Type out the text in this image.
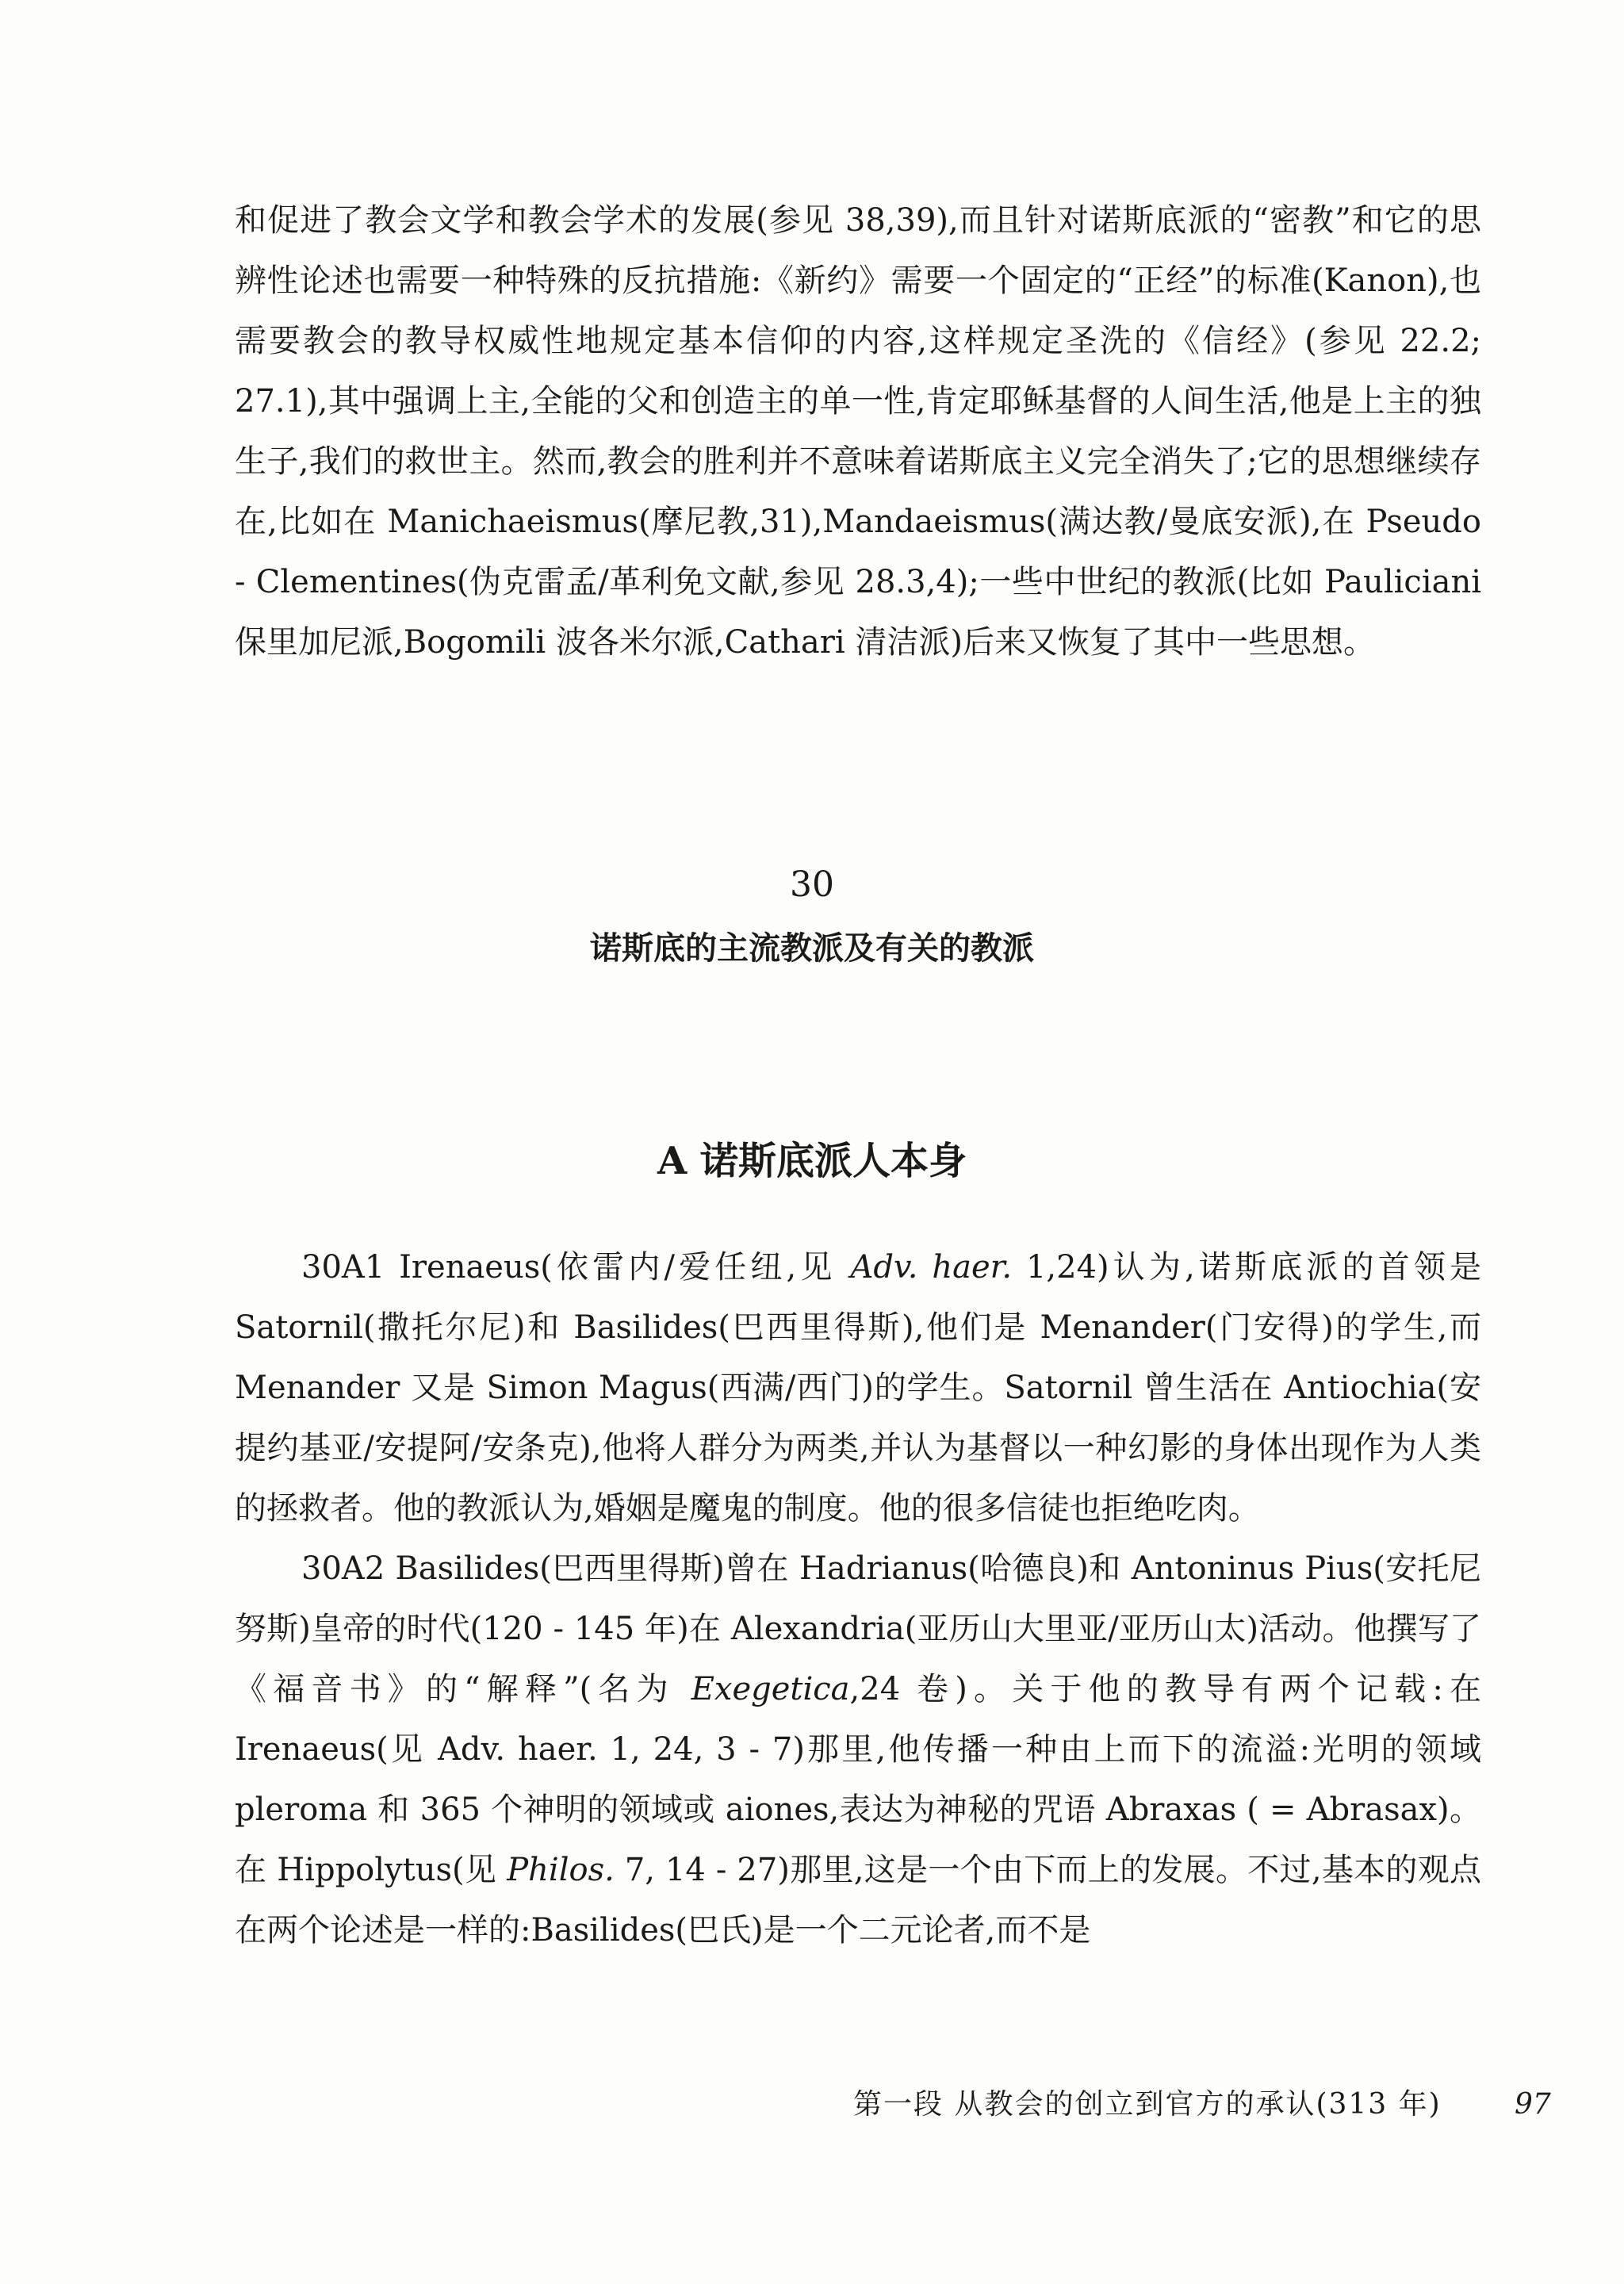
和促进了教会文学和教会学术的发展(参见 38,39),而且针对诺斯底派的“密教”和它的思辨性论述也需要一种特殊的反抗措施:《新约》需要一个固定的“正经”的标准(Kanon),也需要教会的教导权威性地规定基本信仰的内容,这样规定圣洗的《信经》(参见 22.2; 27.1),其中强调上主,全能的父和创造主的单一性,肯定耶稣基督的人间生活,他是上主的独生子,我们的救世主。然而,教会的胜利并不意味着诺斯底主义完全消失了;它的思想继续存在,比如在 Manichaeismus(摩尼教,31),Mandaeismus(满达教/曼底安派),在 Pseudo - Clementines(伪克雷孟/革利免文献,参见 28.3,4);一些中世纪的教派(比如 Pauliciani 保里加尼派,Bogomili 波各米尔派,Cathari 清洁派)后来又恢复了其中一些思想。

30
诺斯底的主流教派及有关的教派
A 诺斯底派人本身

30A1 Irenaeus(依雷内/爱任纽,见 Adv. haer. 1,24)认为,诺斯底派的首领是 Satornil(撒托尔尼)和 Basilides(巴西里得斯),他们是 Menander(门安得)的学生,而 Menander 又是 Simon Magus(西满/西门)的学生。Satornil 曾生活在 Antiochia(安提约基亚/安提阿/安条克),他将人群分为两类,并认为基督以一种幻影的身体出现作为人类的拯救者。他的教派认为,婚姻是魔鬼的制度。他的很多信徒也拒绝吃肉。

30A2 Basilides(巴西里得斯)曾在 Hadrianus(哈德良)和 Antoninus Pius(安托尼努斯)皇帝的时代(120 - 145 年)在 Alexandria(亚历山大里亚/亚历山太)活动。他撰写了《福音书》的“解释”(名为 Exegetica,24 卷)。关于他的教导有两个记载:在 Irenaeus(见 Adv. haer. 1, 24, 3 - 7)那里,他传播一种由上而下的流溢:光明的领域 pleroma 和 365 个神明的领域或 aiones,表达为神秘的咒语 Abraxas ( = Abrasax)。在 Hippolytus(见 Philos. 7, 14 - 27)那里,这是一个由下而上的发展。不过,基本的观点在两个论述是一样的:Basilides(巴氏)是一个二元论者,而不是

第一段 从教会的创立到官方的承认(313 年)	97
